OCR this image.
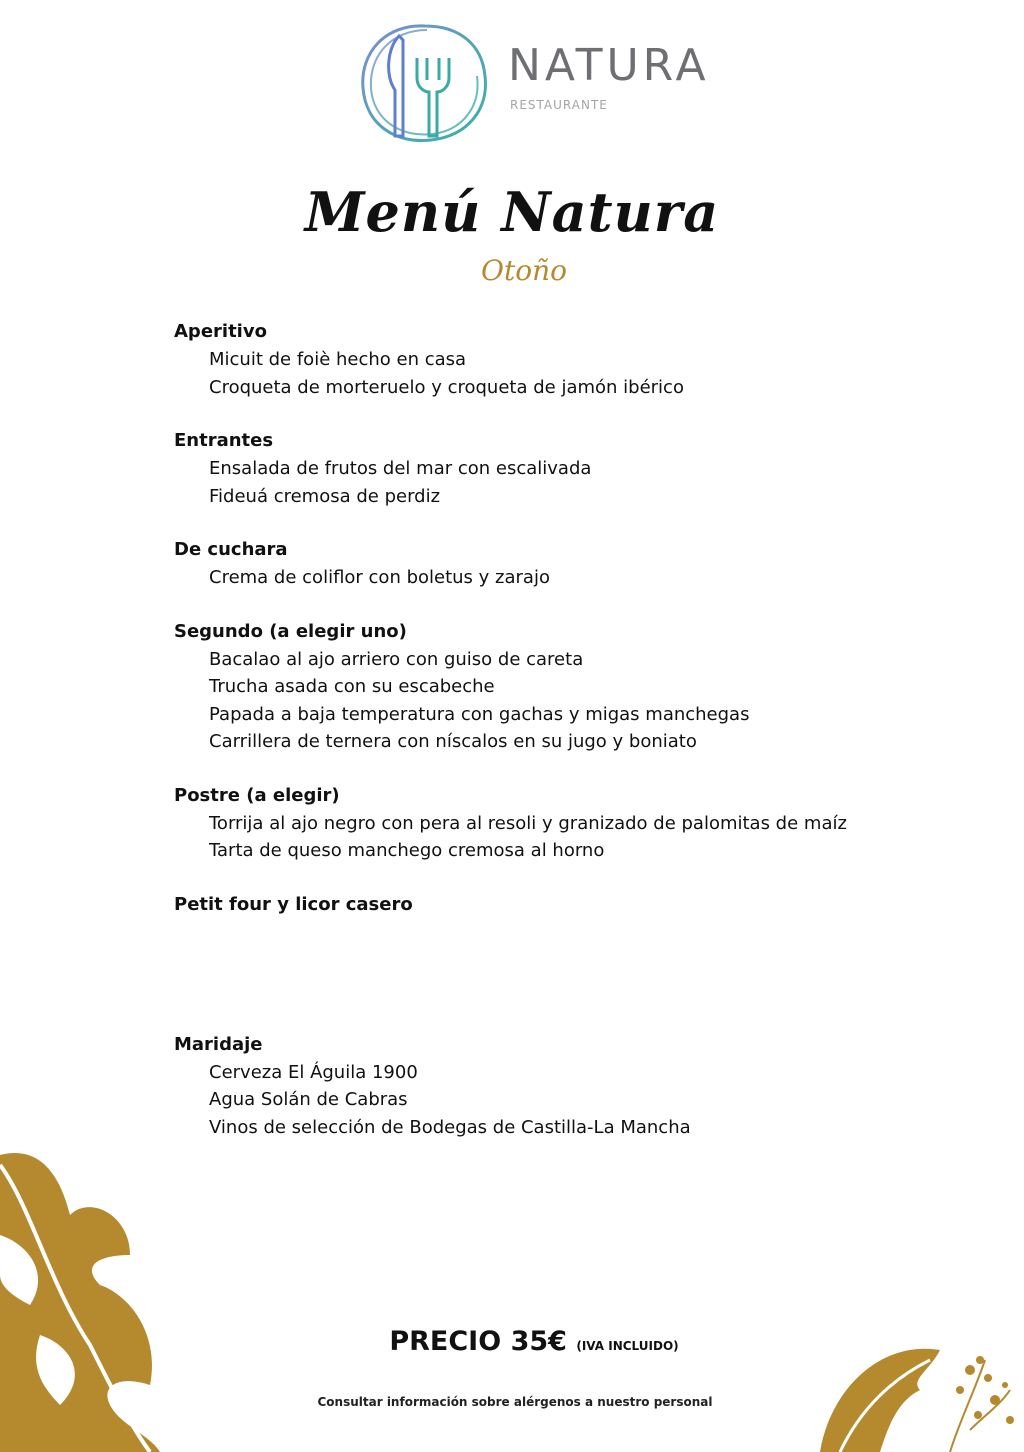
NATURA
RESTAURANTE
Menú Natura
Otoño
Aperitivo
Micuit de foiè hecho en casa
Croqueta de morteruelo y croqueta de jamón ibérico
Entrantes
Ensalada de frutos del mar con escalivada
Fideuá cremosa de perdiz
De cuchara
Crema de coliflor con boletus y zarajo
Segundo (a elegir uno)
Bacalao al ajo arriero con guiso de careta
Trucha asada con su escabeche
Papada a baja temperatura con gachas y migas manchegas
Carrillera de ternera con níscalos en su jugo y boniato
Postre (a elegir)
Torrija al ajo negro con pera al resoli y granizado de palomitas de maíz
Tarta de queso manchego cremosa al horno
Petit four y licor casero
Maridaje
Cerveza El Águila 1900
Agua Solán de Cabras
Vinos de selección de Bodegas de Castilla-La Mancha
PRECIO 35€ (IVA INCLUIDO)
Consultar información sobre alérgenos a nuestro personal
